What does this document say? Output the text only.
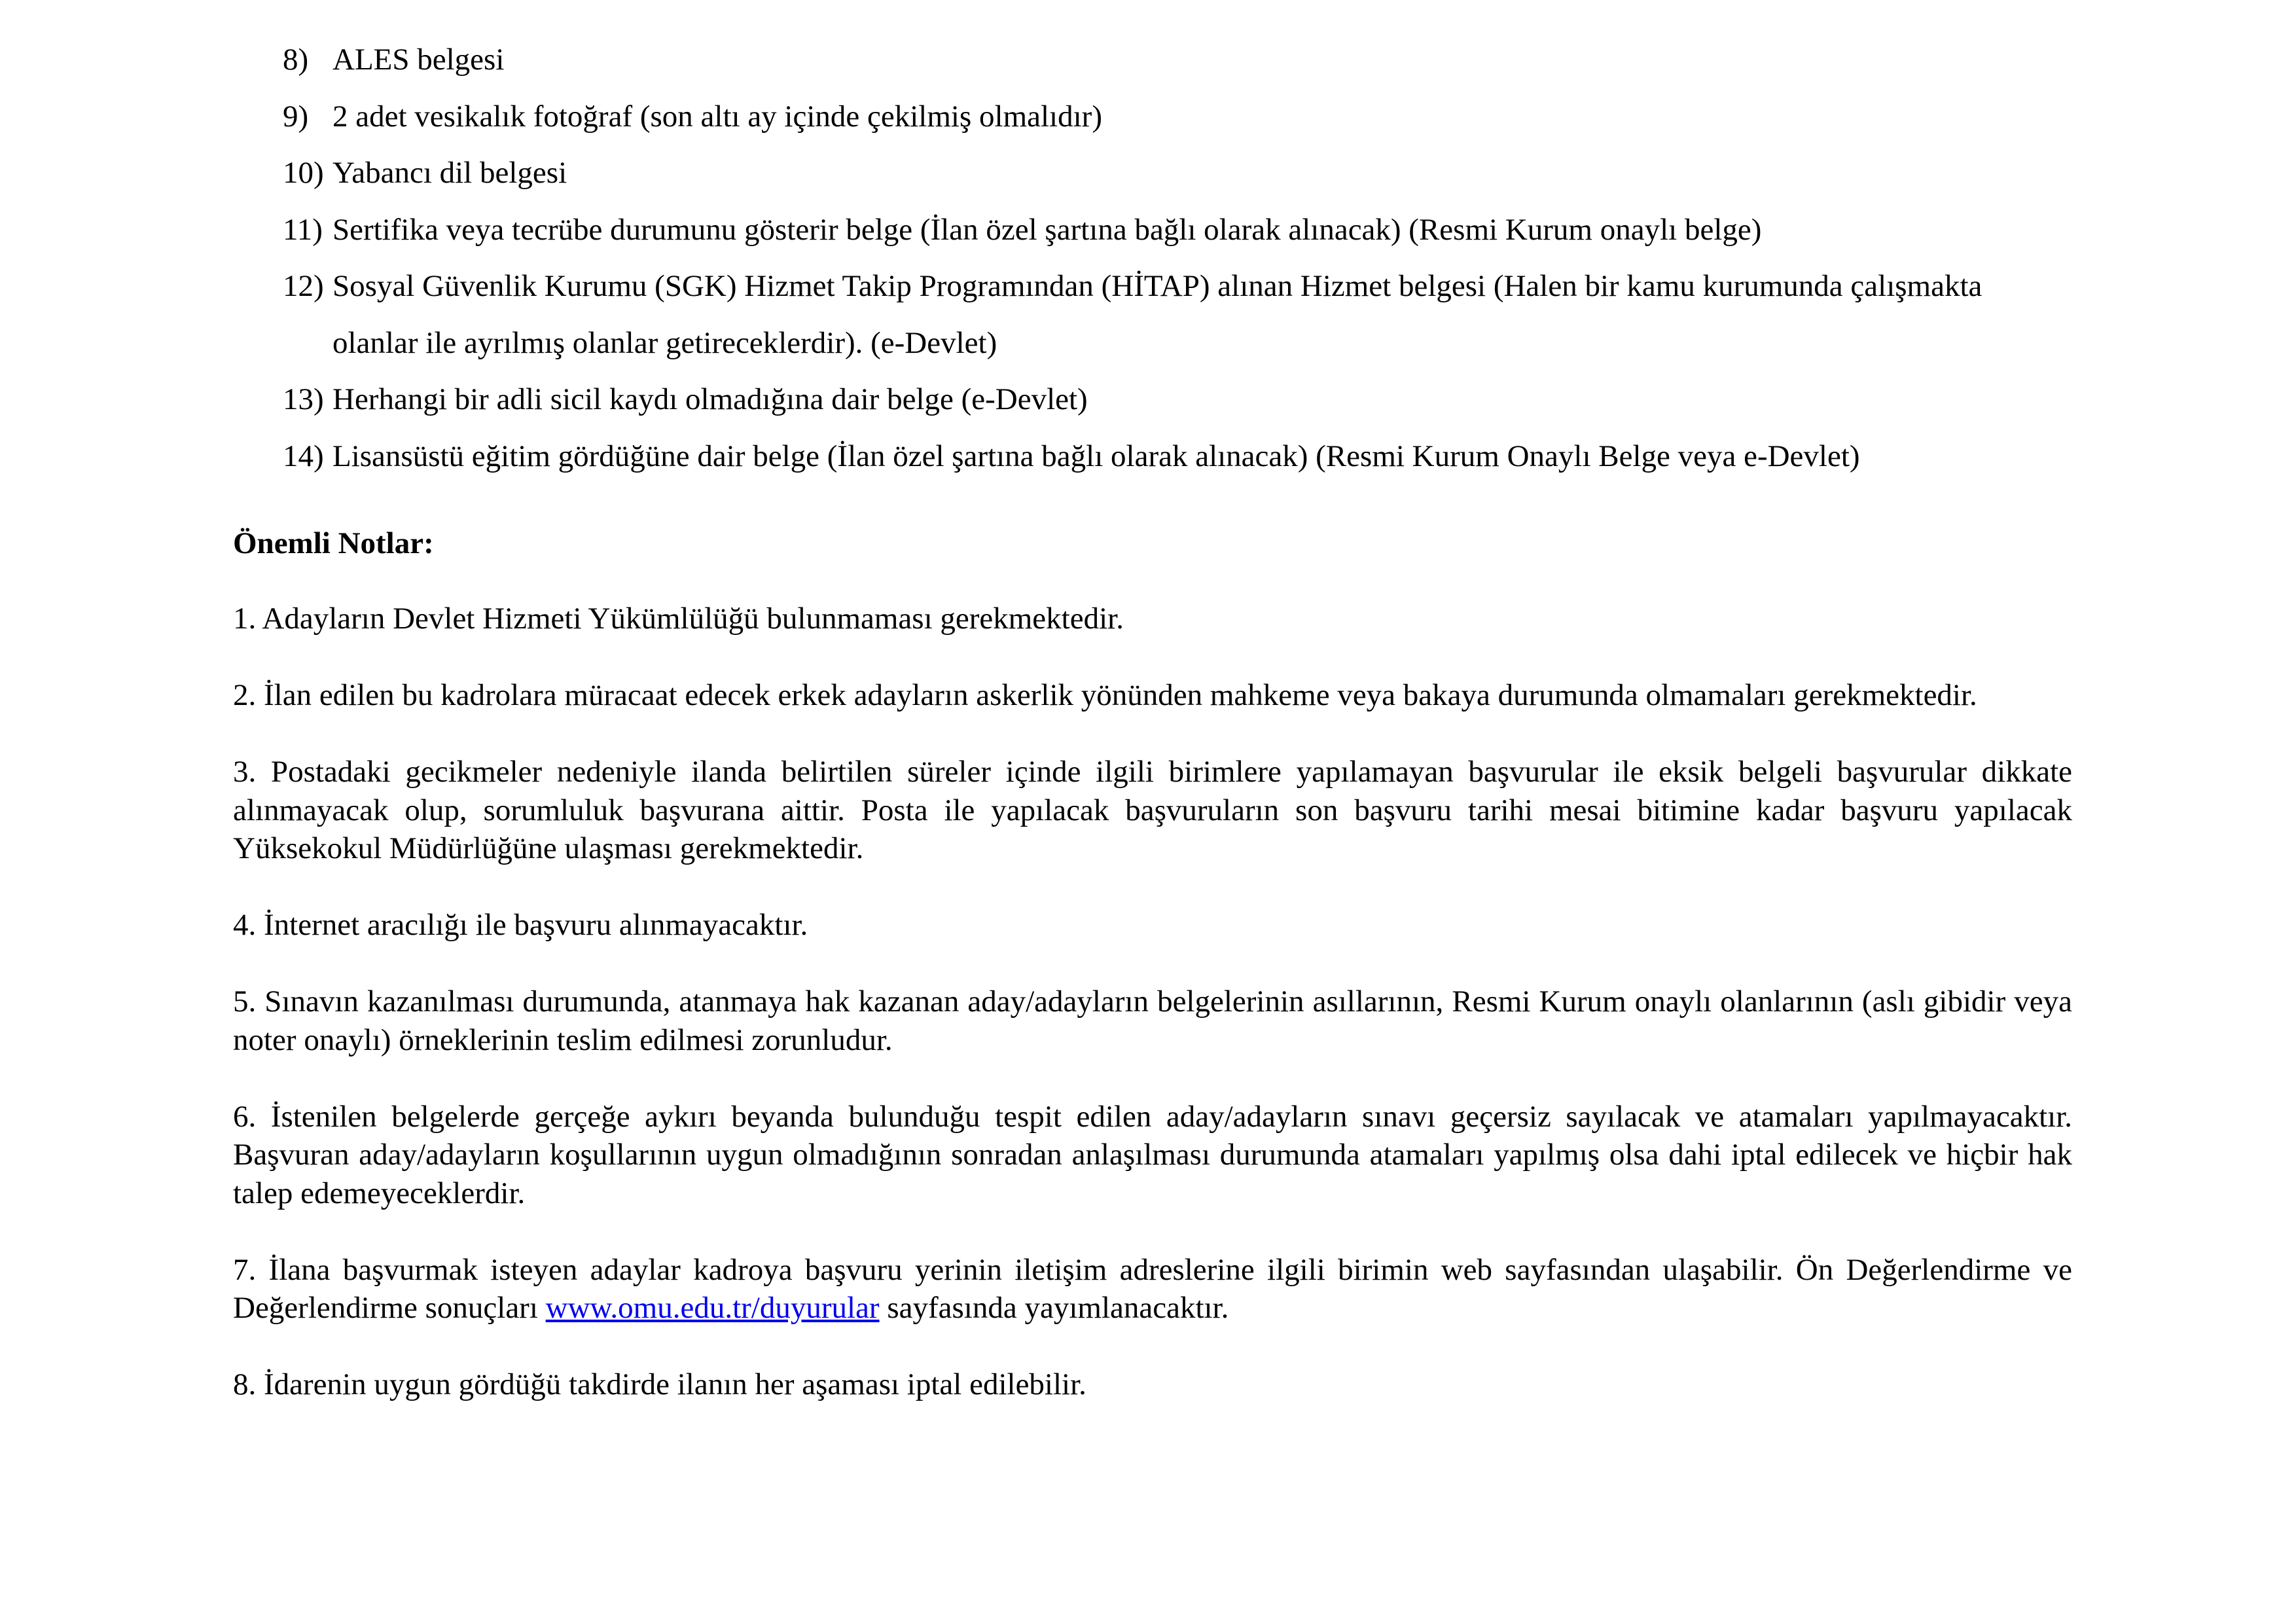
8) ALES belgesi
9) 2 adet vesikalık fotoğraf (son altı ay içinde çekilmiş olmalıdır)
10) Yabancı dil belgesi
11) Sertifika veya tecrübe durumunu gösterir belge (İlan özel şartına bağlı olarak alınacak) (Resmi Kurum onaylı belge)
12) Sosyal Güvenlik Kurumu (SGK) Hizmet Takip Programından (HİTAP) alınan Hizmet belgesi (Halen bir kamu kurumunda çalışmakta olanlar ile ayrılmış olanlar getireceklerdir). (e-Devlet)
13) Herhangi bir adli sicil kaydı olmadığına dair belge (e-Devlet)
14) Lisansüstü eğitim gördüğüne dair belge (İlan özel şartına bağlı olarak alınacak) (Resmi Kurum Onaylı Belge veya e-Devlet)
Önemli Notlar:

1. Adayların Devlet Hizmeti Yükümlülüğü bulunmaması gerekmektedir.

2. İlan edilen bu kadrolara müracaat edecek erkek adayların askerlik yönünden mahkeme veya bakaya durumunda olmamaları gerekmektedir.

3. Postadaki gecikmeler nedeniyle ilanda belirtilen süreler içinde ilgili birimlere yapılamayan başvurular ile eksik belgeli başvurular dikkate alınmayacak olup, sorumluluk başvurana aittir. Posta ile yapılacak başvuruların son başvuru tarihi mesai bitimine kadar başvuru yapılacak Yüksekokul Müdürlüğüne ulaşması gerekmektedir.

4. İnternet aracılığı ile başvuru alınmayacaktır.

5. Sınavın kazanılması durumunda, atanmaya hak kazanan aday/adayların belgelerinin asıllarının, Resmi Kurum onaylı olanlarının (aslı gibidir veya noter onaylı) örneklerinin teslim edilmesi zorunludur.

6. İstenilen belgelerde gerçeğe aykırı beyanda bulunduğu tespit edilen aday/adayların sınavı geçersiz sayılacak ve atamaları yapılmayacaktır. Başvuran aday/adayların koşullarının uygun olmadığının sonradan anlaşılması durumunda atamaları yapılmış olsa dahi iptal edilecek ve hiçbir hak talep edemeyeceklerdir.

7. İlana başvurmak isteyen adaylar kadroya başvuru yerinin iletişim adreslerine ilgili birimin web sayfasından ulaşabilir. Ön Değerlendirme ve Değerlendirme sonuçları www.omu.edu.tr/duyurular sayfasında yayımlanacaktır.

8. İdarenin uygun gördüğü takdirde ilanın her aşaması iptal edilebilir.
